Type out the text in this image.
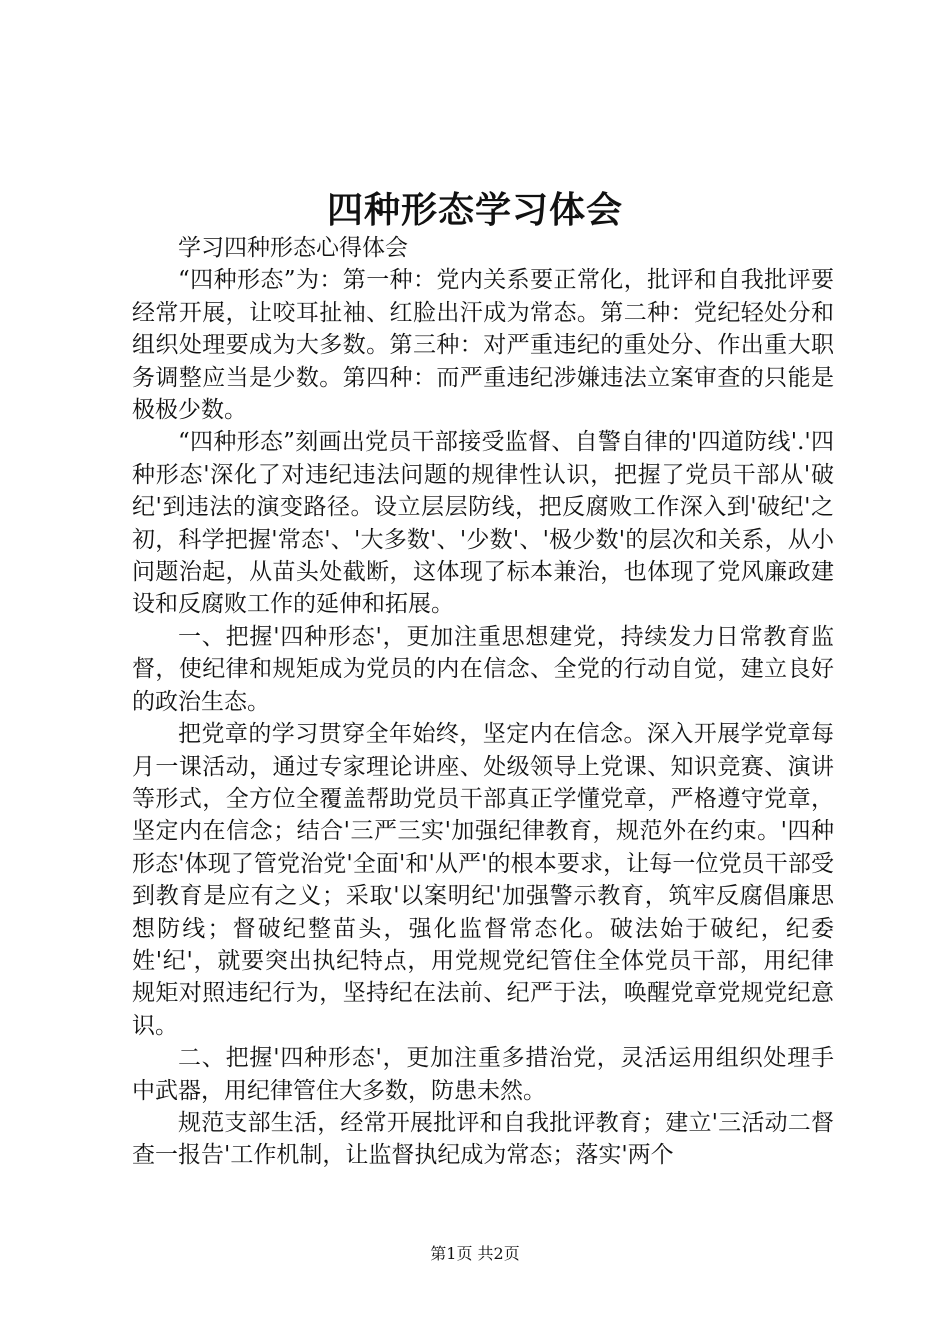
四种形态学习体会

学习四种形态心得体会

“四种形态”为：第一种：党内关系要正常化，批评和自我批评要经常开展，让咬耳扯袖、红脸出汗成为常态。第二种：党纪轻处分和组织处理要成为大多数。第三种：对严重违纪的重处分、作出重大职务调整应当是少数。第四种：而严重违纪涉嫌违法立案审查的只能是极极少数。

“四种形态”刻画出党员干部接受监督、自警自律的'四道防线'.'四种形态'深化了对违纪违法问题的规律性认识，把握了党员干部从'破纪'到违法的演变路径。设立层层防线，把反腐败工作深入到'破纪'之初，科学把握'常态'、'大多数'、'少数'、'极少数'的层次和关系，从小问题治起，从苗头处截断，这体现了标本兼治，也体现了党风廉政建设和反腐败工作的延伸和拓展。

一、把握'四种形态'，更加注重思想建党，持续发力日常教育监督，使纪律和规矩成为党员的内在信念、全党的行动自觉，建立良好的政治生态。

把党章的学习贯穿全年始终，坚定内在信念。深入开展学党章每月一课活动，通过专家理论讲座、处级领导上党课、知识竞赛、演讲等形式，全方位全覆盖帮助党员干部真正学懂党章，严格遵守党章，坚定内在信念；结合'三严三实'加强纪律教育，规范外在约束。'四种形态'体现了管党治党'全面'和'从严'的根本要求，让每一位党员干部受到教育是应有之义；采取'以案明纪'加强警示教育，筑牢反腐倡廉思想防线；督破纪整苗头，强化监督常态化。破法始于破纪，纪委姓'纪'，就要突出执纪特点，用党规党纪管住全体党员干部，用纪律规矩对照违纪行为，坚持纪在法前、纪严于法，唤醒党章党规党纪意识。

二、把握'四种形态'，更加注重多措治党，灵活运用组织处理手中武器，用纪律管住大多数，防患未然。

规范支部生活，经常开展批评和自我批评教育；建立'三活动二督查一报告'工作机制，让监督执纪成为常态；落实'两个

第1页 共2页
